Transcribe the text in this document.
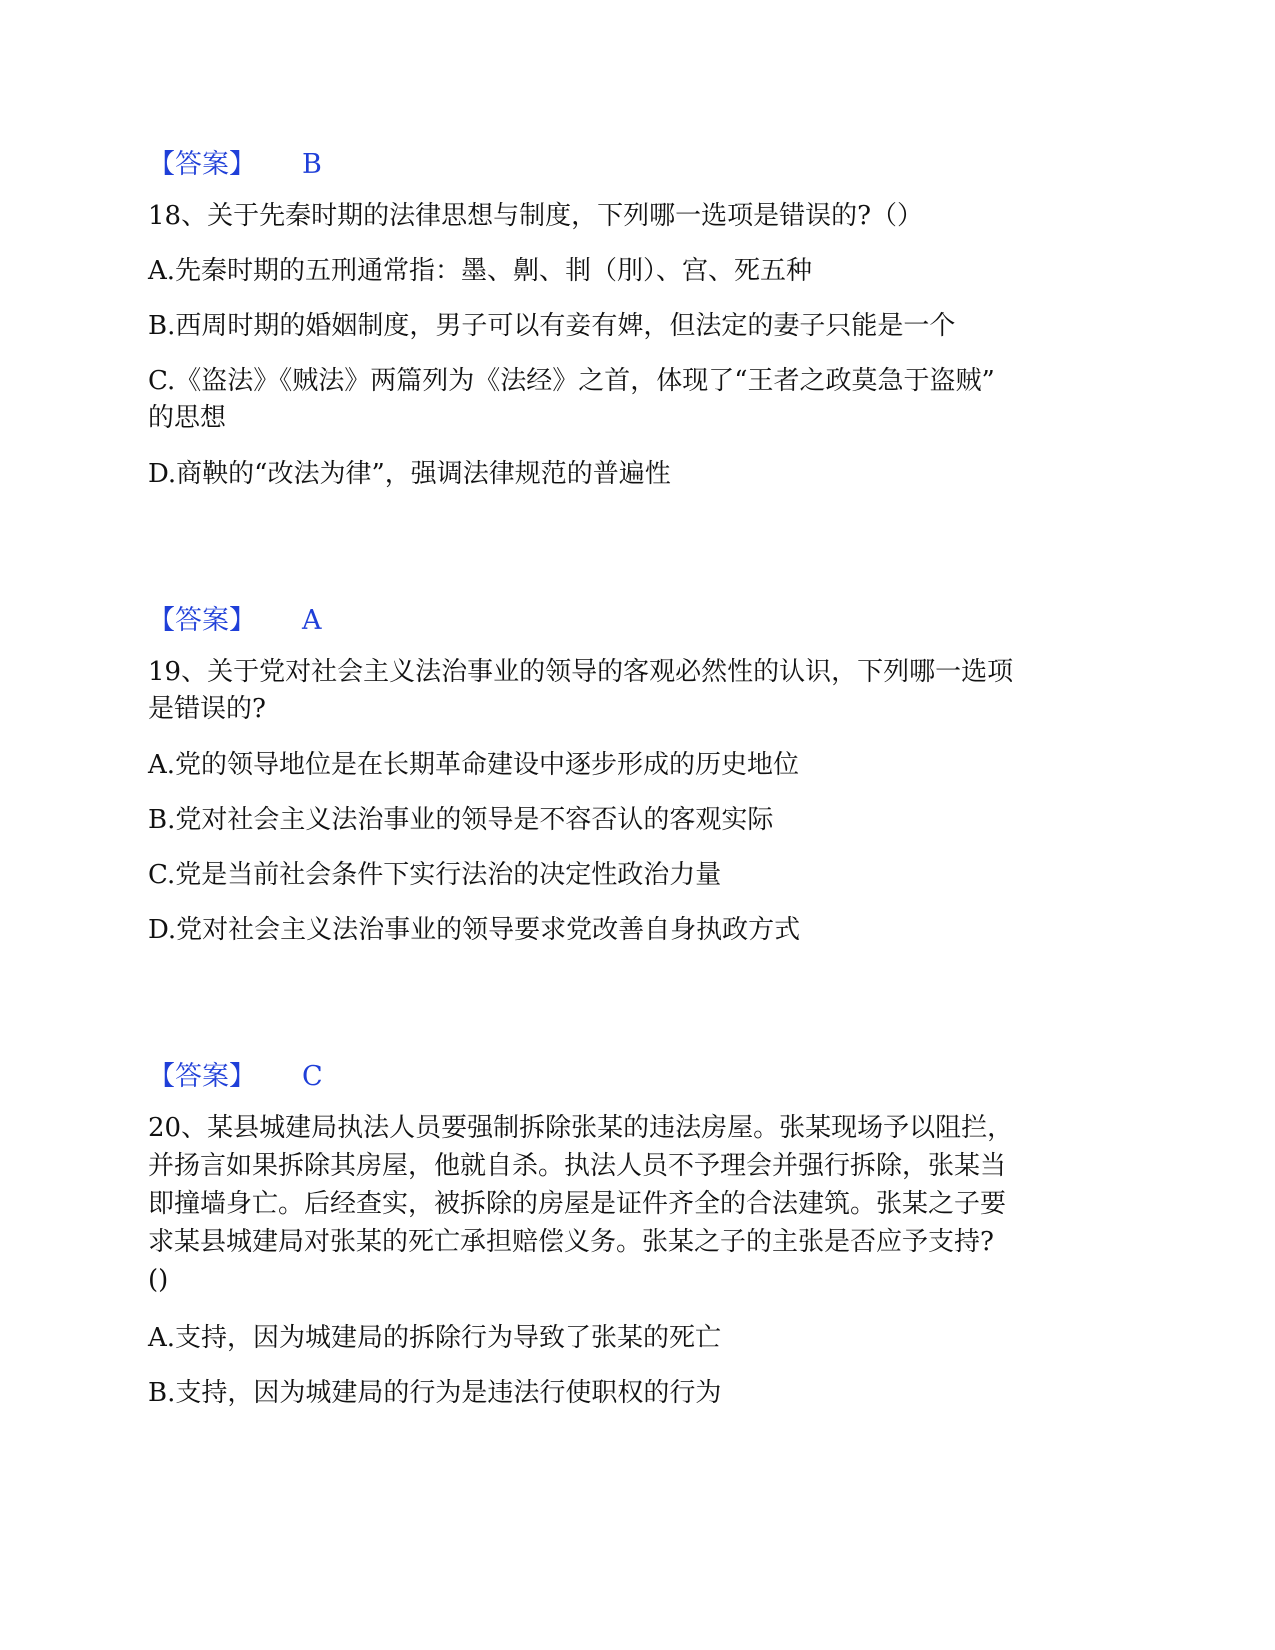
【答案】 B
18、关于先秦时期的法律思想与制度，下列哪一选项是错误的?（）
A.先秦时期的五刑通常指：墨、劓、剕（刖）、宫、死五种
B.西周时期的婚姻制度，男子可以有妾有婢，但法定的妻子只能是一个
C.《盗法》《贼法》两篇列为《法经》之首，体现了“王者之政莫急于盗贼”
的思想
D.商鞅的“改法为律”，强调法律规范的普遍性
【答案】 A
19、关于党对社会主义法治事业的领导的客观必然性的认识，下列哪一选项
是错误的?
A.党的领导地位是在长期革命建设中逐步形成的历史地位
B.党对社会主义法治事业的领导是不容否认的客观实际
C.党是当前社会条件下实行法治的决定性政治力量
D.党对社会主义法治事业的领导要求党改善自身执政方式
【答案】 C
20、某县城建局执法人员要强制拆除张某的违法房屋。张某现场予以阻拦，
并扬言如果拆除其房屋，他就自杀。执法人员不予理会并强行拆除，张某当
即撞墙身亡。后经查实，被拆除的房屋是证件齐全的合法建筑。张某之子要
求某县城建局对张某的死亡承担赔偿义务。张某之子的主张是否应予支持?
()
A.支持，因为城建局的拆除行为导致了张某的死亡
B.支持，因为城建局的行为是违法行使职权的行为
